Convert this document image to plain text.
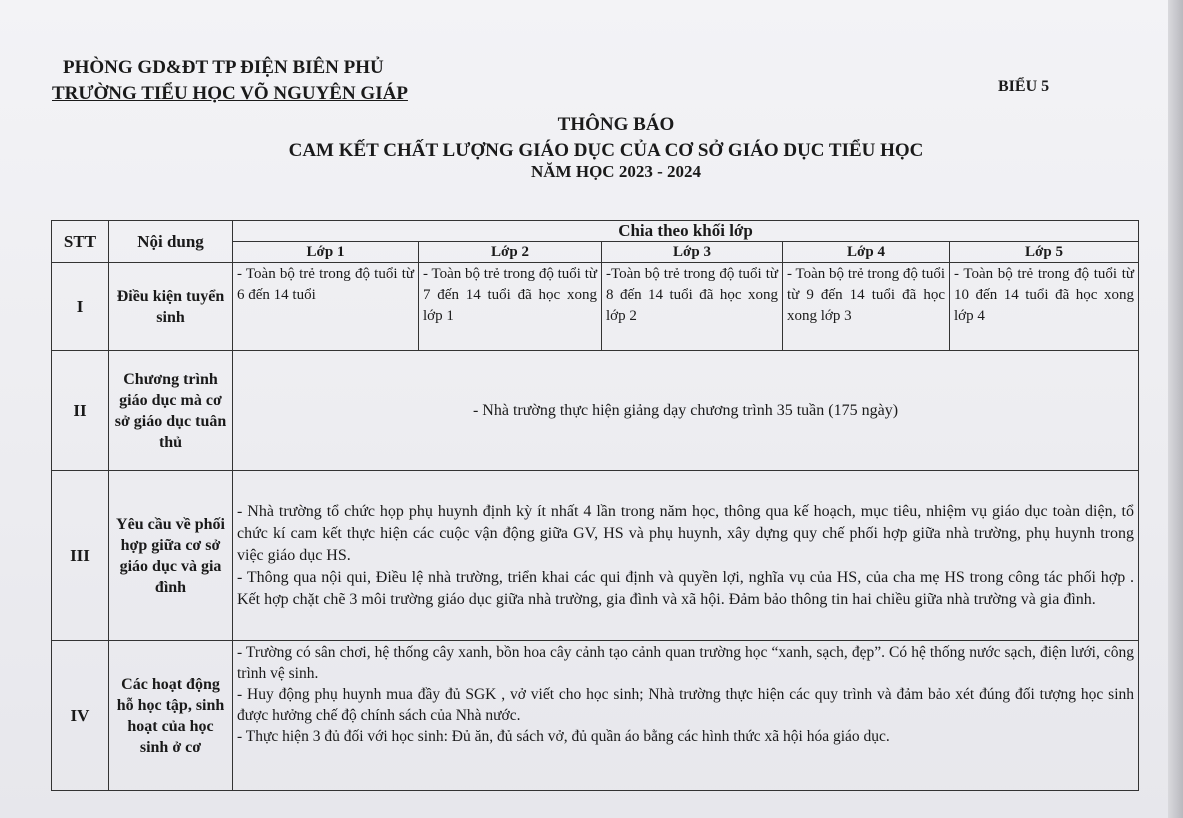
PHÒNG GD&ĐT TP ĐIỆN BIÊN PHỦ
TRƯỜNG TIỂU HỌC VÕ NGUYÊN GIÁP	BIỂU 5
THÔNG BÁO
CAM KẾT CHẤT LƯỢNG GIÁO DỤC CỦA CƠ SỞ GIÁO DỤC TIỂU HỌC
NĂM HỌC 2023 - 2024
STT	Nội dung	Chia theo khối lớp				
		Lớp 1	Lớp 2	Lớp 3	Lớp 4	Lớp 5
I	Điều kiện tuyển sinh	- Toàn bộ trẻ trong độ tuổi từ 6 đến 14 tuổi	- Toàn bộ trẻ trong độ tuổi từ 7 đến 14 tuổi đã học xong lớp 1	-Toàn bộ trẻ trong độ tuổi từ 8 đến 14 tuổi đã học xong lớp 2	- Toàn bộ trẻ trong độ tuổi từ 9 đến 14 tuổi đã học xong lớp 3	- Toàn bộ trẻ trong độ tuổi từ 10 đến 14 tuổi đã học xong lớp 4
II	Chương trình giáo dục mà cơ sở giáo dục tuân thủ	- Nhà trường thực hiện giảng dạy chương trình 35 tuần (175 ngày)				
III	Yêu cầu về phối hợp giữa cơ sở giáo dục và gia đình	- Nhà trường tổ chức họp phụ huynh định kỳ ít nhất 4 lần trong năm học, thông qua kế hoạch, mục tiêu, nhiệm vụ giáo dục toàn diện, tổ chức kí cam kết thực hiện các cuộc vận động giữa GV, HS và phụ huynh, xây dựng quy chế phối hợp giữa nhà trường, phụ huynh trong việc giáo dục HS.
- Thông qua nội qui, Điều lệ nhà trường, triển khai các qui định và quyền lợi, nghĩa vụ của HS, của cha mẹ HS trong công tác phối hợp . Kết hợp chặt chẽ 3 môi trường giáo dục giữa nhà trường, gia đình và xã hội. Đảm bảo thông tin hai chiều giữa nhà trường và gia đình.				

IV	Các hoạt động hỗ học tập, sinh hoạt của học sinh ở cơ	- Trường có sân chơi, hệ thống cây xanh, bồn hoa cây cảnh tạo cảnh quan trường học “xanh, sạch, đẹp”. Có hệ thống nước sạch, điện lưới, công trình vệ sinh.
- Huy động phụ huynh mua đầy đủ SGK , vở viết cho học sinh; Nhà trường thực hiện các quy trình và đảm bảo xét đúng đối tượng học sinh được hưởng chế độ chính sách của Nhà nước.
- Thực hiện 3 đủ đối với học sinh: Đủ ăn, đủ sách vở, đủ quần áo bằng các hình thức xã hội hóa giáo dục.				
